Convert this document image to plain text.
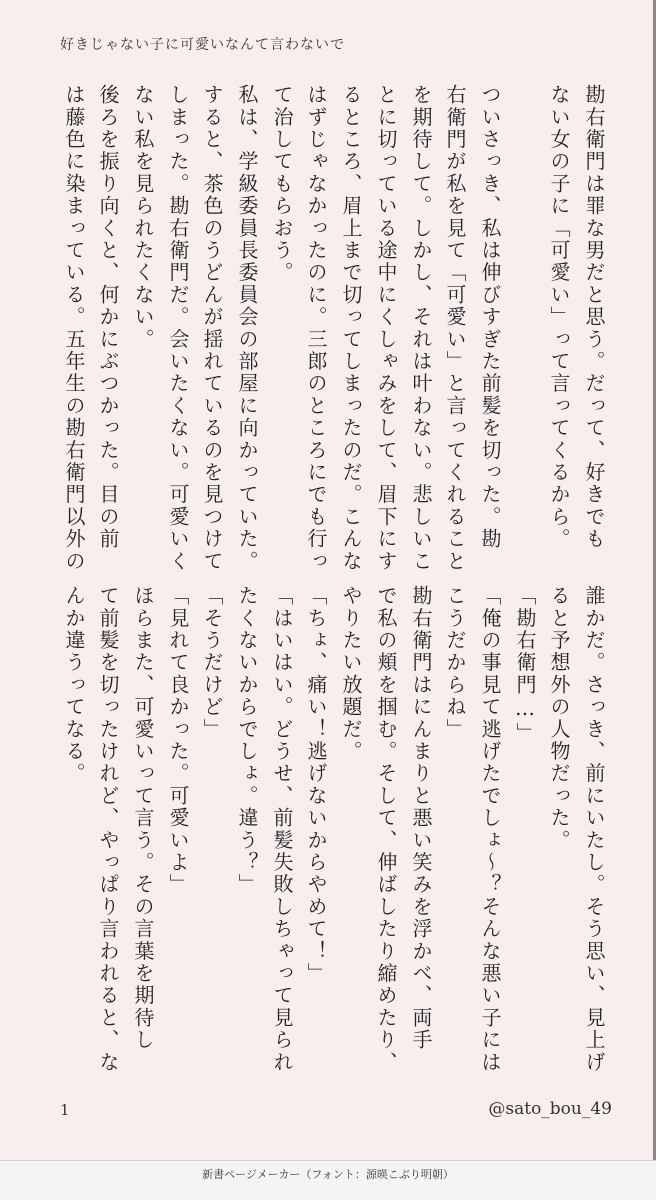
好きじゃない子に可愛いなんて言わないで
勘右衛門は罪な男だと思う。だって、好きでも
ない女の子に「可愛い」って言ってくるから。
ついさっき、私は伸びすぎた前髪を切った。勘
右衛門が私を見て「可愛い」と言ってくれること
を期待して。しかし、それは叶わない。悲しいこ
とに切っている途中にくしゃみをして、眉下にす
るところ、眉上まで切ってしまったのだ。こんな
はずじゃなかったのに。三郎のところにでも行っ
て治してもらおう。
私は、学級委員長委員会の部屋に向かっていた。
すると、茶色のうどんが揺れているのを見つけて
しまった。勘右衛門だ。会いたくない。可愛いく
ない私を見られたくない。
後ろを振り向くと、何かにぶつかった。目の前
は藤色に染まっている。五年生の勘右衛門以外の
誰かだ。さっき、前にいたし。そう思い、見上げ
ると予想外の人物だった。
「勘右衛門…」
「俺の事見て逃げたでしょ〜？そんな悪い子には
こうだからね」
勘右衛門はにんまりと悪い笑みを浮かべ、両手
で私の頬を掴む。そして、伸ばしたり縮めたり、
やりたい放題だ。
「ちょ、痛い！逃げないからやめて！」
「はいはい。どうせ、前髪失敗しちゃって見られ
たくないからでしょ。違う？」
「そうだけど」
「見れて良かった。可愛いよ」
ほらまた、可愛いって言う。その言葉を期待し
て前髪を切ったけれど、やっぱり言われると、な
んか違うってなる。
1	@sato_bou_49
新書ページメーカー（フォント：源暎こぶり明朝）
